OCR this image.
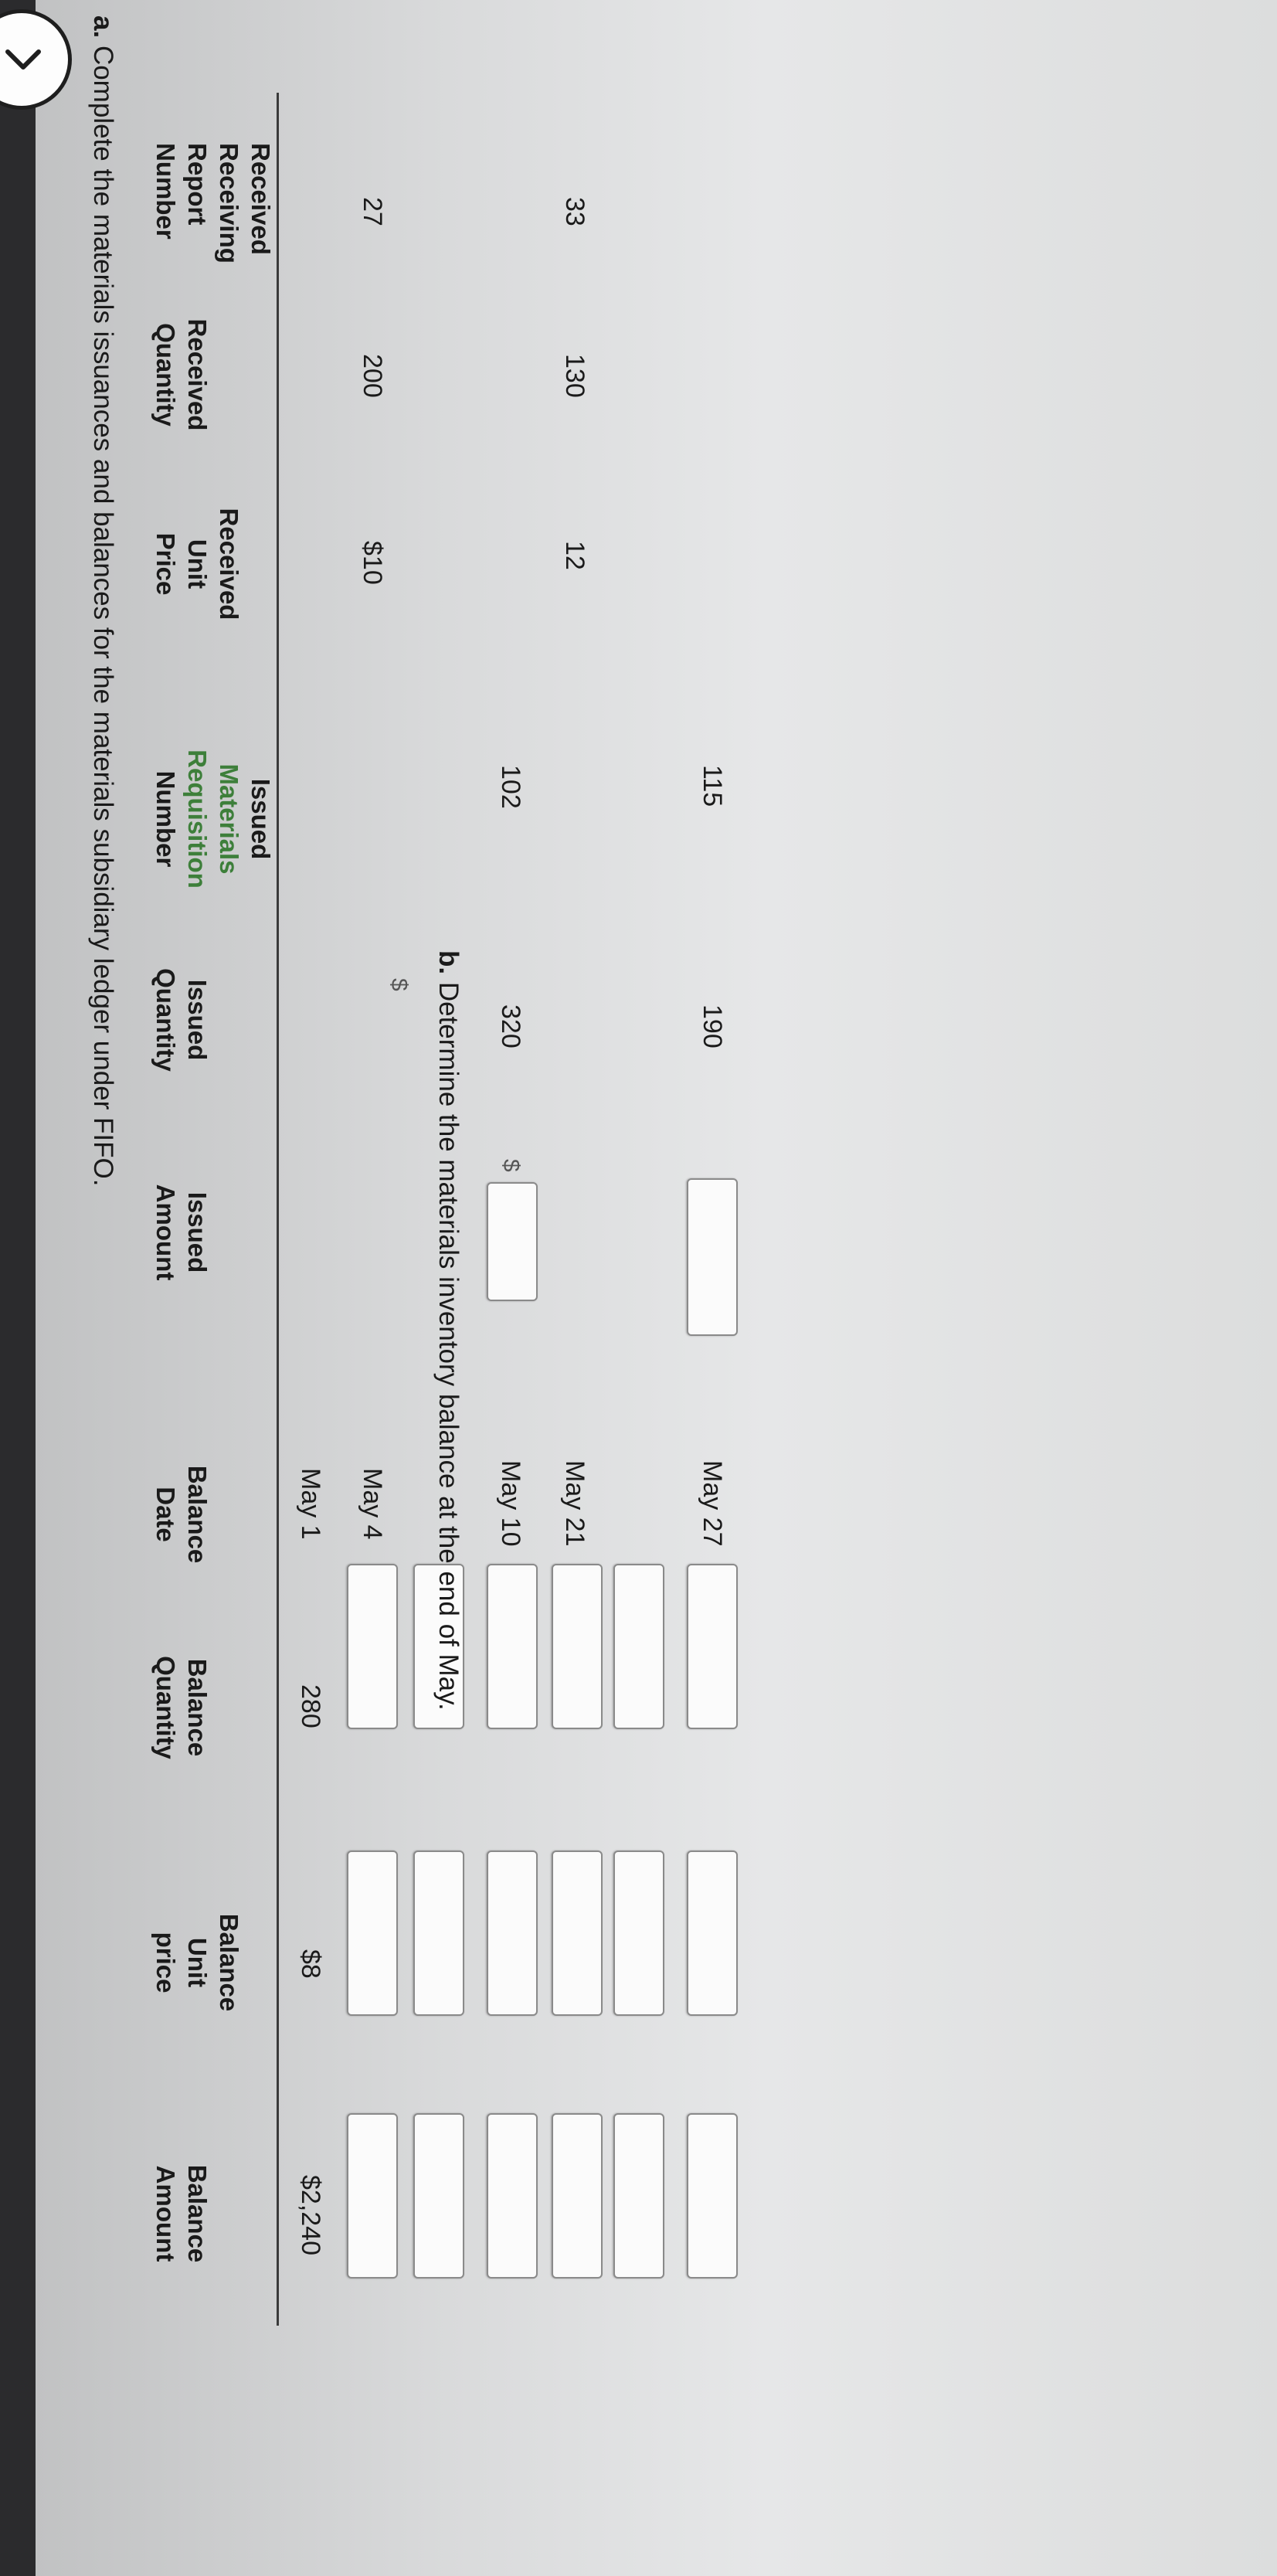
a. Complete the materials issuances and balances for the materials subsidiary ledger under FIFO.	Received
Receiving
Report
Number
Received
Quantity
Received
Unit
Price
Issued
Materials
Requisition
Number
Issued
Quantity
Issued
Amount
Balance
Date
Balance
Quantity
Balance
Unit
price
Balance
Amount
May 1
280
$8
$2,240
27
200
$10
May 4
102
320
$
May 10
33
130
12
May 21
115
190
May 27
b. Determine the materials inventory balance at the end of May.
$
